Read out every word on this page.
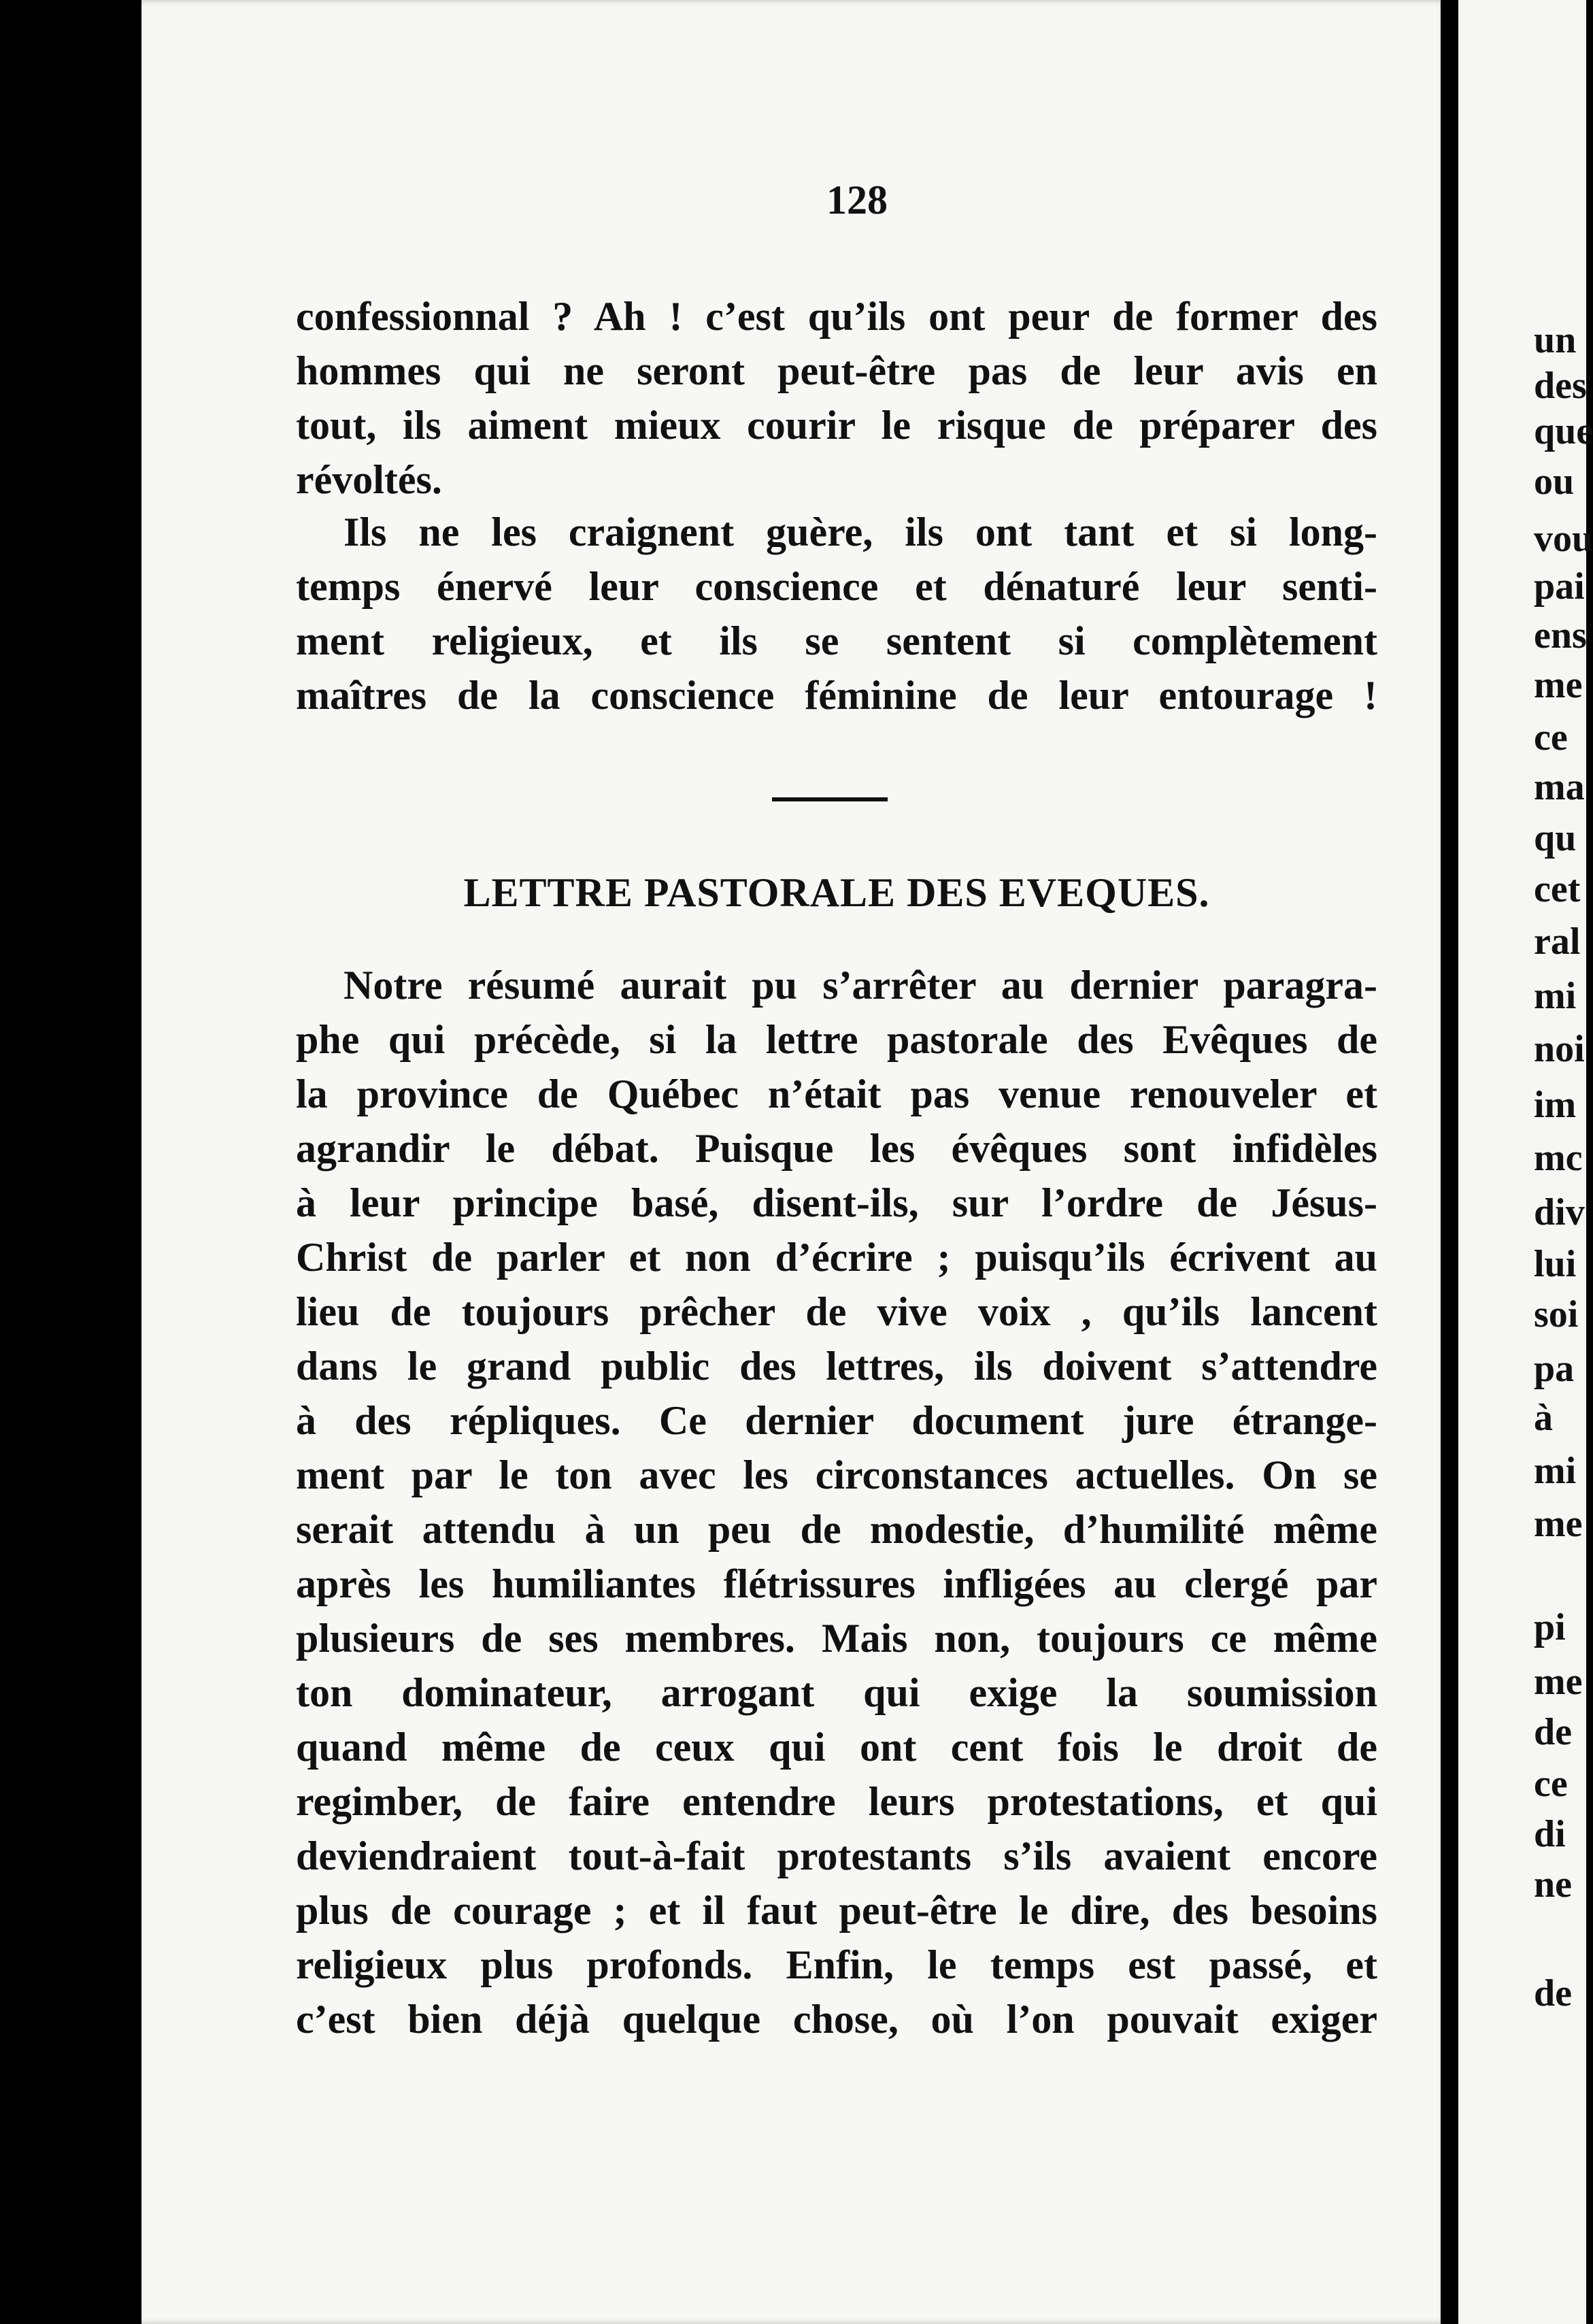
128
confessionnal ? Ah ! c’est qu’ils ont peur de former des
hommes qui ne seront peut-être pas de leur avis en
tout, ils aiment mieux courir le risque de préparer des
révoltés.
Ils ne les craignent guère, ils ont tant et si long-
temps énervé leur conscience et dénaturé leur senti-
ment religieux, et ils se sentent si complètement
maîtres de la conscience féminine de leur entourage !
LETTRE PASTORALE DES EVEQUES.
Notre résumé aurait pu s’arrêter au dernier paragra-
phe qui précède, si la lettre pastorale des Evêques de
la province de Québec n’était pas venue renouveler et
agrandir le débat. Puisque les évêques sont infidèles
à leur principe basé, disent-ils, sur l’ordre de Jésus-
Christ de parler et non d’écrire ; puisqu’ils écrivent au
lieu de toujours prêcher de vive voix , qu’ils lancent
dans le grand public des lettres, ils doivent s’attendre
à des répliques. Ce dernier document jure étrange-
ment par le ton avec les circonstances actuelles. On se
serait attendu à un peu de modestie, d’humilité même
après les humiliantes flétrissures infligées au clergé par
plusieurs de ses membres. Mais non, toujours ce même
ton dominateur, arrogant qui exige la soumission
quand même de ceux qui ont cent fois le droit de
regimber, de faire entendre leurs protestations, et qui
deviendraient tout-à-fait protestants s’ils avaient encore
plus de courage ; et il faut peut-être le dire, des besoins
religieux plus profonds. Enfin, le temps est passé, et
c’est bien déjà quelque chose, où l’on pouvait exiger
un
des
que
ou
vou
pai
ens
me
ce
ma
qu
cet
ral
mi
noi
im
mc
div
lui
soi
pa
à
mi
me
pi
me
de
ce
di
ne
de
